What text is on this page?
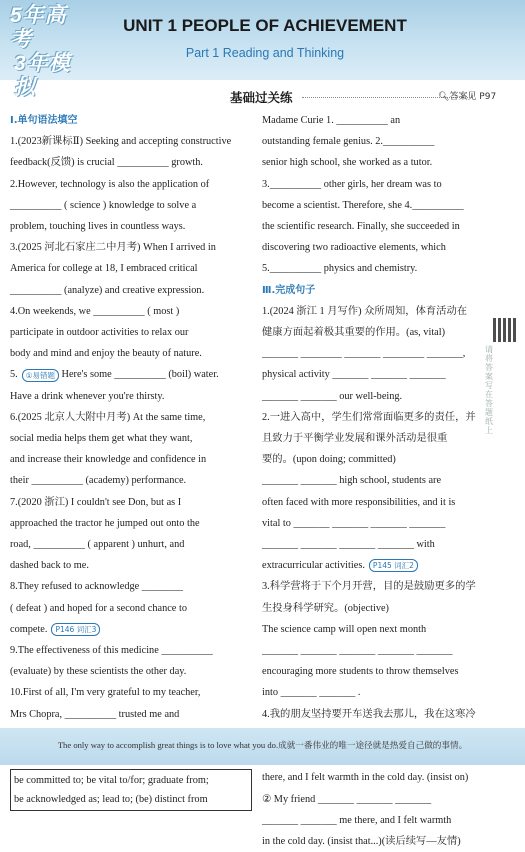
5年高考
3年模拟
UNIT 1 PEOPLE OF ACHIEVEMENT
Part 1 Reading and Thinking
基础过关练	🔍︎答案见 P97
Ⅰ.单句语法填空
1.(2023新课标Ⅱ) Seeking and accepting constructive
feedback(反馈) is crucial __________ growth.
2.However, technology is also the application of
__________ ( science ) knowledge to solve a
problem, touching lives in countless ways.
3.(2025 河北石家庄二中月考) When I arrived in
America for college at 18, I embraced critical
__________ (analyze) and creative expression.
4.On weekends, we __________ ( most )
participate in outdoor activities to relax our
body and mind and enjoy the beauty of nature.
5. ①易错题 Here's some __________ (boil) water.
Have a drink whenever you're thirsty.
6.(2025 北京人大附中月考) At the same time,
social media helps them get what they want,
and increase their knowledge and confidence in
their __________ (academy) performance.
7.(2020 浙江) I couldn't see Don, but as I
approached the tractor he jumped out onto the
road, __________ ( apparent ) unhurt, and
dashed back to me.
8.They refused to acknowledge ________
( defeat ) and hoped for a second chance to
compete. P146 词汇3
9.The effectiveness of this medicine __________
(evaluate) by these scientists the other day.
10.First of all, I'm very grateful to my teacher,
Mrs Chopra, __________ trusted me and
be committed to; be vital to/for; graduate from;
be acknowledged as; lead to; (be) distinct from
Madame Curie 1. __________ an
outstanding female genius. 2.__________
senior high school, she worked as a tutor.
3.__________ other girls, her dream was to
become a scientist. Therefore, she 4.__________
the scientific research. Finally, she succeeded in
discovering two radioactive elements, which
5.__________ physics and chemistry.
Ⅲ.完成句子
1.(2024 浙江 1 月写作) 众所周知，体育活动在
健康方面起着极其重要的作用。(as, vital)
_______ ________ _______ ________ _______,
physical activity _______ _______ _______
_______ _______ our well-being.
2.一进入高中，学生们常常面临更多的责任，并
且致力于平衡学业发展和课外活动是很重
要的。(upon doing; committed)
_______ _______ high school, students are
often faced with more responsibilities, and it is
vital to _______ _______ _______ _______
_______ _______ _______ _______ with
extracurricular activities. P145 词汇2
3.科学营将于下个月开营，目的是鼓励更多的学
生投身科学研究。(objective)
The science camp will open next month
_______ _______ _______ _______ _______
encouraging more students to throw themselves
into _______ _______ .
4.我的朋友坚持要开车送我去那儿，我在这寒冷
there, and I felt warmth in the cold day. (insist on)
② My friend _______ _______ _______
_______ _______ me there, and I felt warmth
in the cold day. (insist that...)(读后续写—友情)
请将答案写在答题纸上
The only way to accomplish great things is to love what you do.成就一番伟业的唯一途径就是热爱自己做的事情。
